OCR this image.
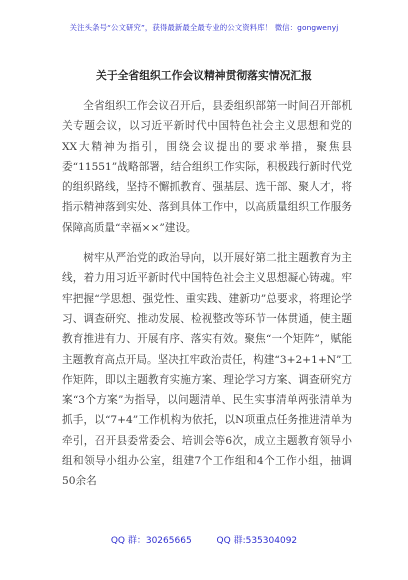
关注头条号“公文研究”，获得最新最全最专业的公文资料库！ 微信：gongwenyj
关于全省组织工作会议精神贯彻落实情况汇报

全省组织工作会议召开后，县委组织部第一时间召开部机关专题会议，以习近平新时代中国特色社会主义思想和党的XX大精神为指引，围绕会议提出的要求举措，聚焦县委“11551”战略部署，结合组织工作实际，积极践行新时代党的组织路线，坚持不懈抓教育、强基层、选干部、聚人才，将指示精神落到实处、落到具体工作中，以高质量组织工作服务保障高质量“幸福××”建设。

树牢从严治党的政治导向，以开展好第二批主题教育为主线，着力用习近平新时代中国特色社会主义思想凝心铸魂。牢牢把握“学思想、强党性、重实践、建新功”总要求，将理论学习、调查研究、推动发展、检视整改等环节一体贯通，使主题教育推进有力、开展有序、落实有效。聚焦“一个矩阵”，赋能主题教育高点开局。坚决扛牢政治责任，构建“3+2+1+N”工作矩阵，即以主题教育实施方案、理论学习方案、调查研究方案“3个方案”为指导，以问题清单、民生实事清单两张清单为抓手，以“7+4”工作机构为依托，以N项重点任务推进清单为牵引，召开县委常委会、培训会等6次，成立主题教育领导小组和领导小组办公室，组建7个工作组和4个工作小组，抽调50余名

QQ 群：30265665	QQ 群:535304092
